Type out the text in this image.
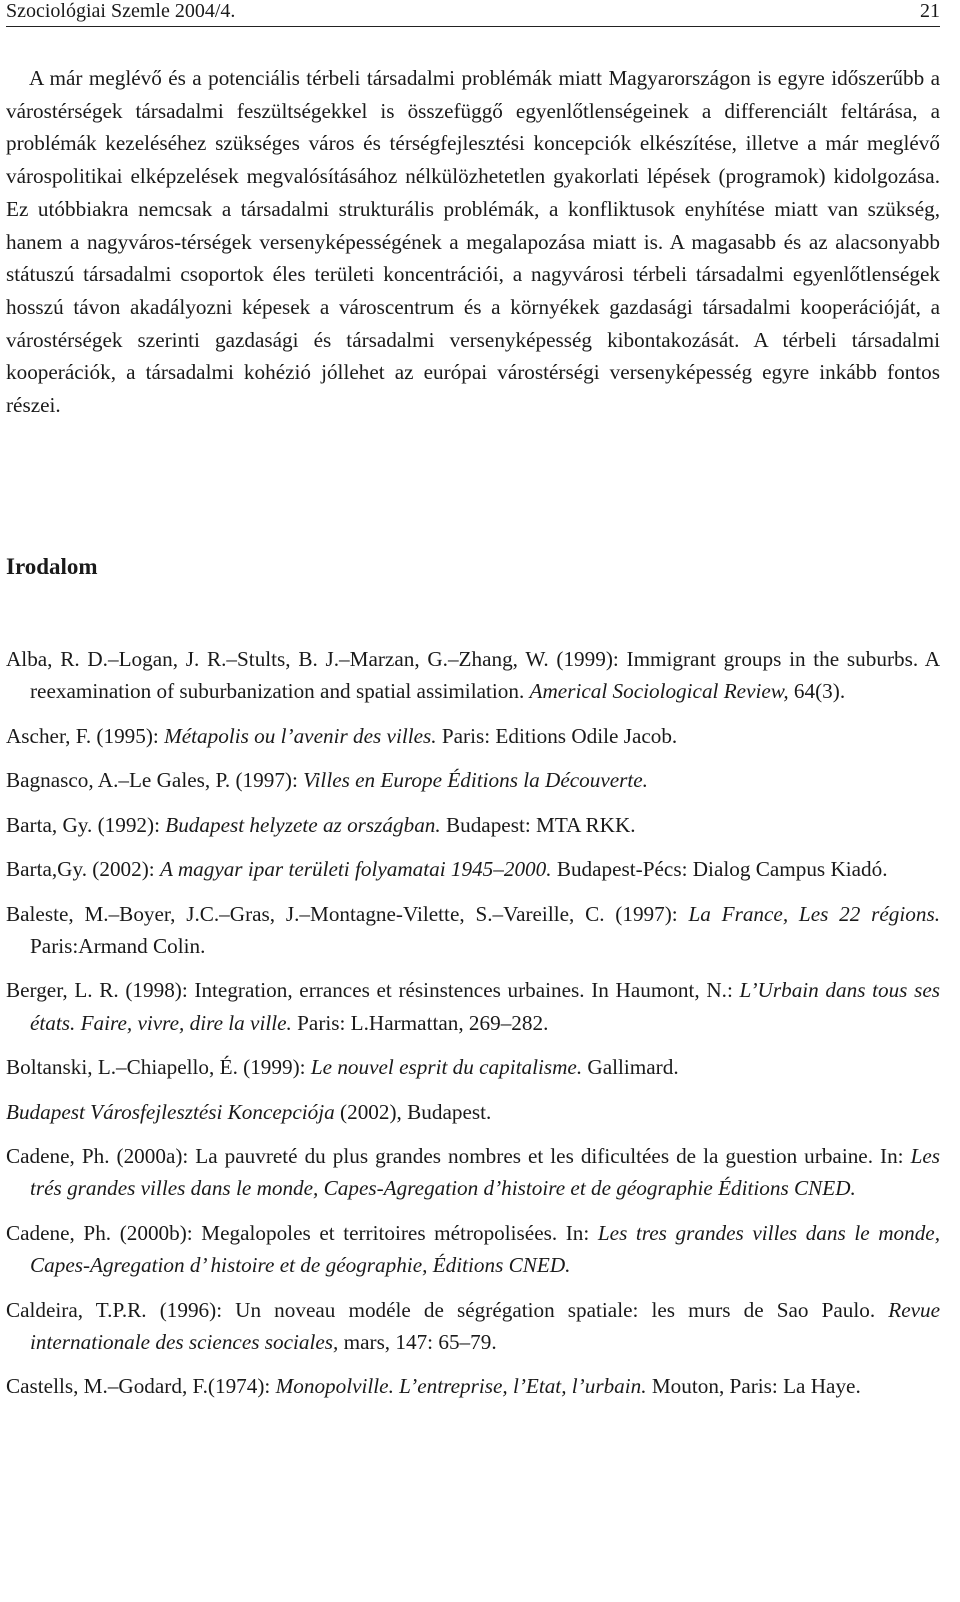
Szociológiai Szemle 2004/4.	21

A már meglévő és a potenciális térbeli társadalmi problémák miatt Magyarországon is egyre időszerűbb a várostérségek társadalmi feszültségekkel is összefüggő egyenlőtlenségeinek a differenciált feltárása, a problémák kezeléséhez szükséges város és térségfejlesztési koncepciók elkészítése, illetve a már meglévő várospolitikai elképzelések megvalósításához nélkülözhetetlen gyakorlati lépések (programok) kidolgozása. Ez utóbbiakra nemcsak a társadalmi strukturális problémák, a konfliktusok enyhítése miatt van szükség, hanem a nagyváros-térségek versenyképességének a megalapozása miatt is. A magasabb és az alacsonyabb státuszú társadalmi csoportok éles területi koncentrációi, a nagyvárosi térbeli társadalmi egyenlőtlenségek hosszú távon akadályozni képesek a városcentrum és a környékek gazdasági társadalmi kooperációját, a várostérségek szerinti gazdasági és társadalmi versenyképesség kibontakozását. A térbeli társadalmi kooperációk, a társadalmi kohézió jóllehet az európai várostérségi versenyképesség egyre inkább fontos részei.

Irodalom
Alba, R. D.–Logan, J. R.–Stults, B. J.–Marzan, G.–Zhang, W. (1999): Immigrant groups in the suburbs. A reexamination of suburbanization and spatial assimilation. Americal Sociological Review, 64(3).
Ascher, F. (1995): Métapolis ou l’avenir des villes. Paris: Editions Odile Jacob.
Bagnasco, A.–Le Gales, P. (1997): Villes en Europe Éditions la Découverte.
Barta, Gy. (1992): Budapest helyzete az országban. Budapest: MTA RKK.
Barta,Gy. (2002): A magyar ipar területi folyamatai 1945–2000. Budapest-Pécs: Dialog Campus Kiadó.
Baleste, M.–Boyer, J.C.–Gras, J.–Montagne-Vilette, S.–Vareille, C. (1997): La France, Les 22 régions. Paris:Armand Colin.
Berger, L. R. (1998): Integration, errances et résinstences urbaines. In Haumont, N.: L’Urbain dans tous ses états. Faire, vivre, dire la ville. Paris: L.Harmattan, 269–282.
Boltanski, L.–Chiapello, É. (1999): Le nouvel esprit du capitalisme. Gallimard.
Budapest Városfejlesztési Koncepciója (2002), Budapest.
Cadene, Ph. (2000a): La pauvreté du plus grandes nombres et les dificultées de la guestion urbaine. In: Les trés grandes villes dans le monde, Capes-Agregation d’histoire et de géographie Éditions CNED.
Cadene, Ph. (2000b): Megalopoles et territoires métropolisées. In: Les tres grandes villes dans le monde, Capes-Agregation d’ histoire et de géographie, Éditions CNED.
Caldeira, T.P.R. (1996): Un noveau modéle de ségrégation spatiale: les murs de Sao Paulo. Revue internationale des sciences sociales, mars, 147: 65–79.
Castells, M.–Godard, F.(1974): Monopolville. L’entreprise, l’Etat, l’urbain. Mouton, Paris: La Haye.
